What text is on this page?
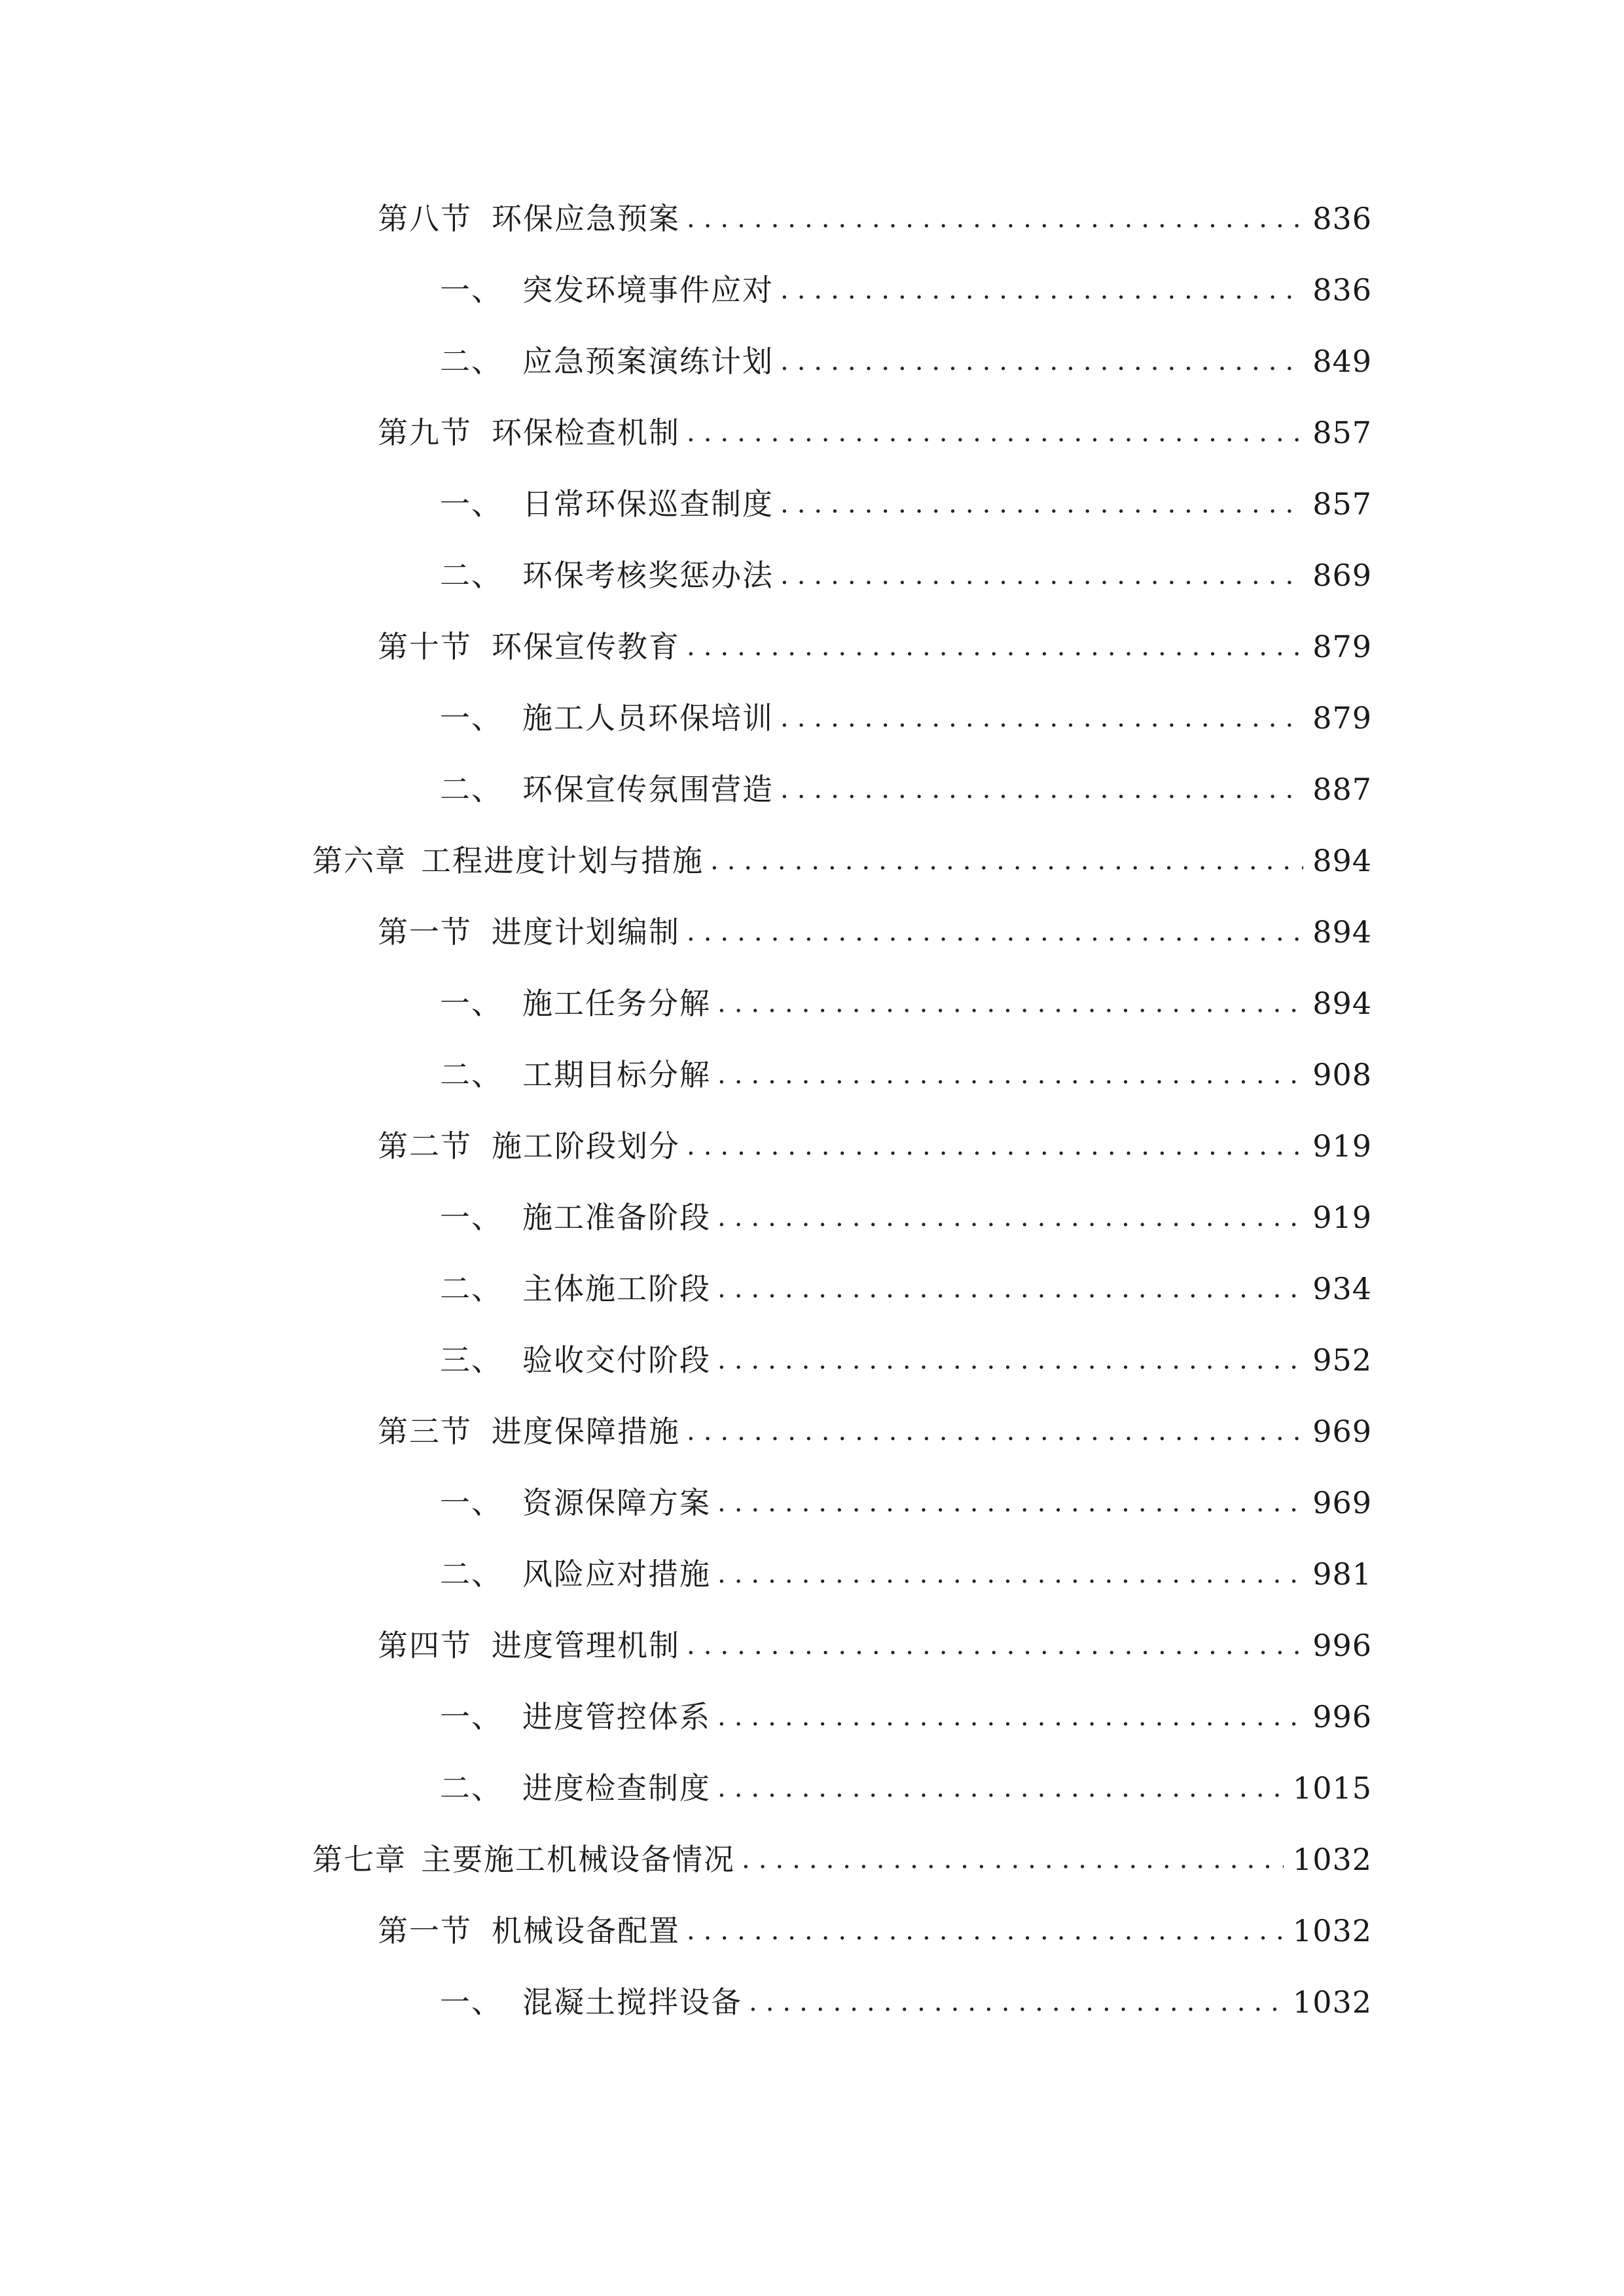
第八节 环保应急预案 .....	836
一、 突发环境事件应对 .....	836
二、 应急预案演练计划 .....	849
第九节 环保检查机制 .....	857
一、 日常环保巡查制度 .....	857
二、 环保考核奖惩办法 .....	869
第十节 环保宣传教育 .....	879
一、 施工人员环保培训 .....	879
二、 环保宣传氛围营造 .....	887
第六章 工程进度计划与措施 .....	894
第一节 进度计划编制 .....	894
一、 施工任务分解 .....	894
二、 工期目标分解 .....	908
第二节 施工阶段划分 .....	919
一、 施工准备阶段 .....	919
二、 主体施工阶段 .....	934
三、 验收交付阶段 .....	952
第三节 进度保障措施 .....	969
一、 资源保障方案 .....	969
二、 风险应对措施 .....	981
第四节 进度管理机制 .....	996
一、 进度管控体系 .....	996
二、 进度检查制度 .....	1015
第七章 主要施工机械设备情况 .....	1032
第一节 机械设备配置 .....	1032
一、 混凝土搅拌设备 .....	1032
